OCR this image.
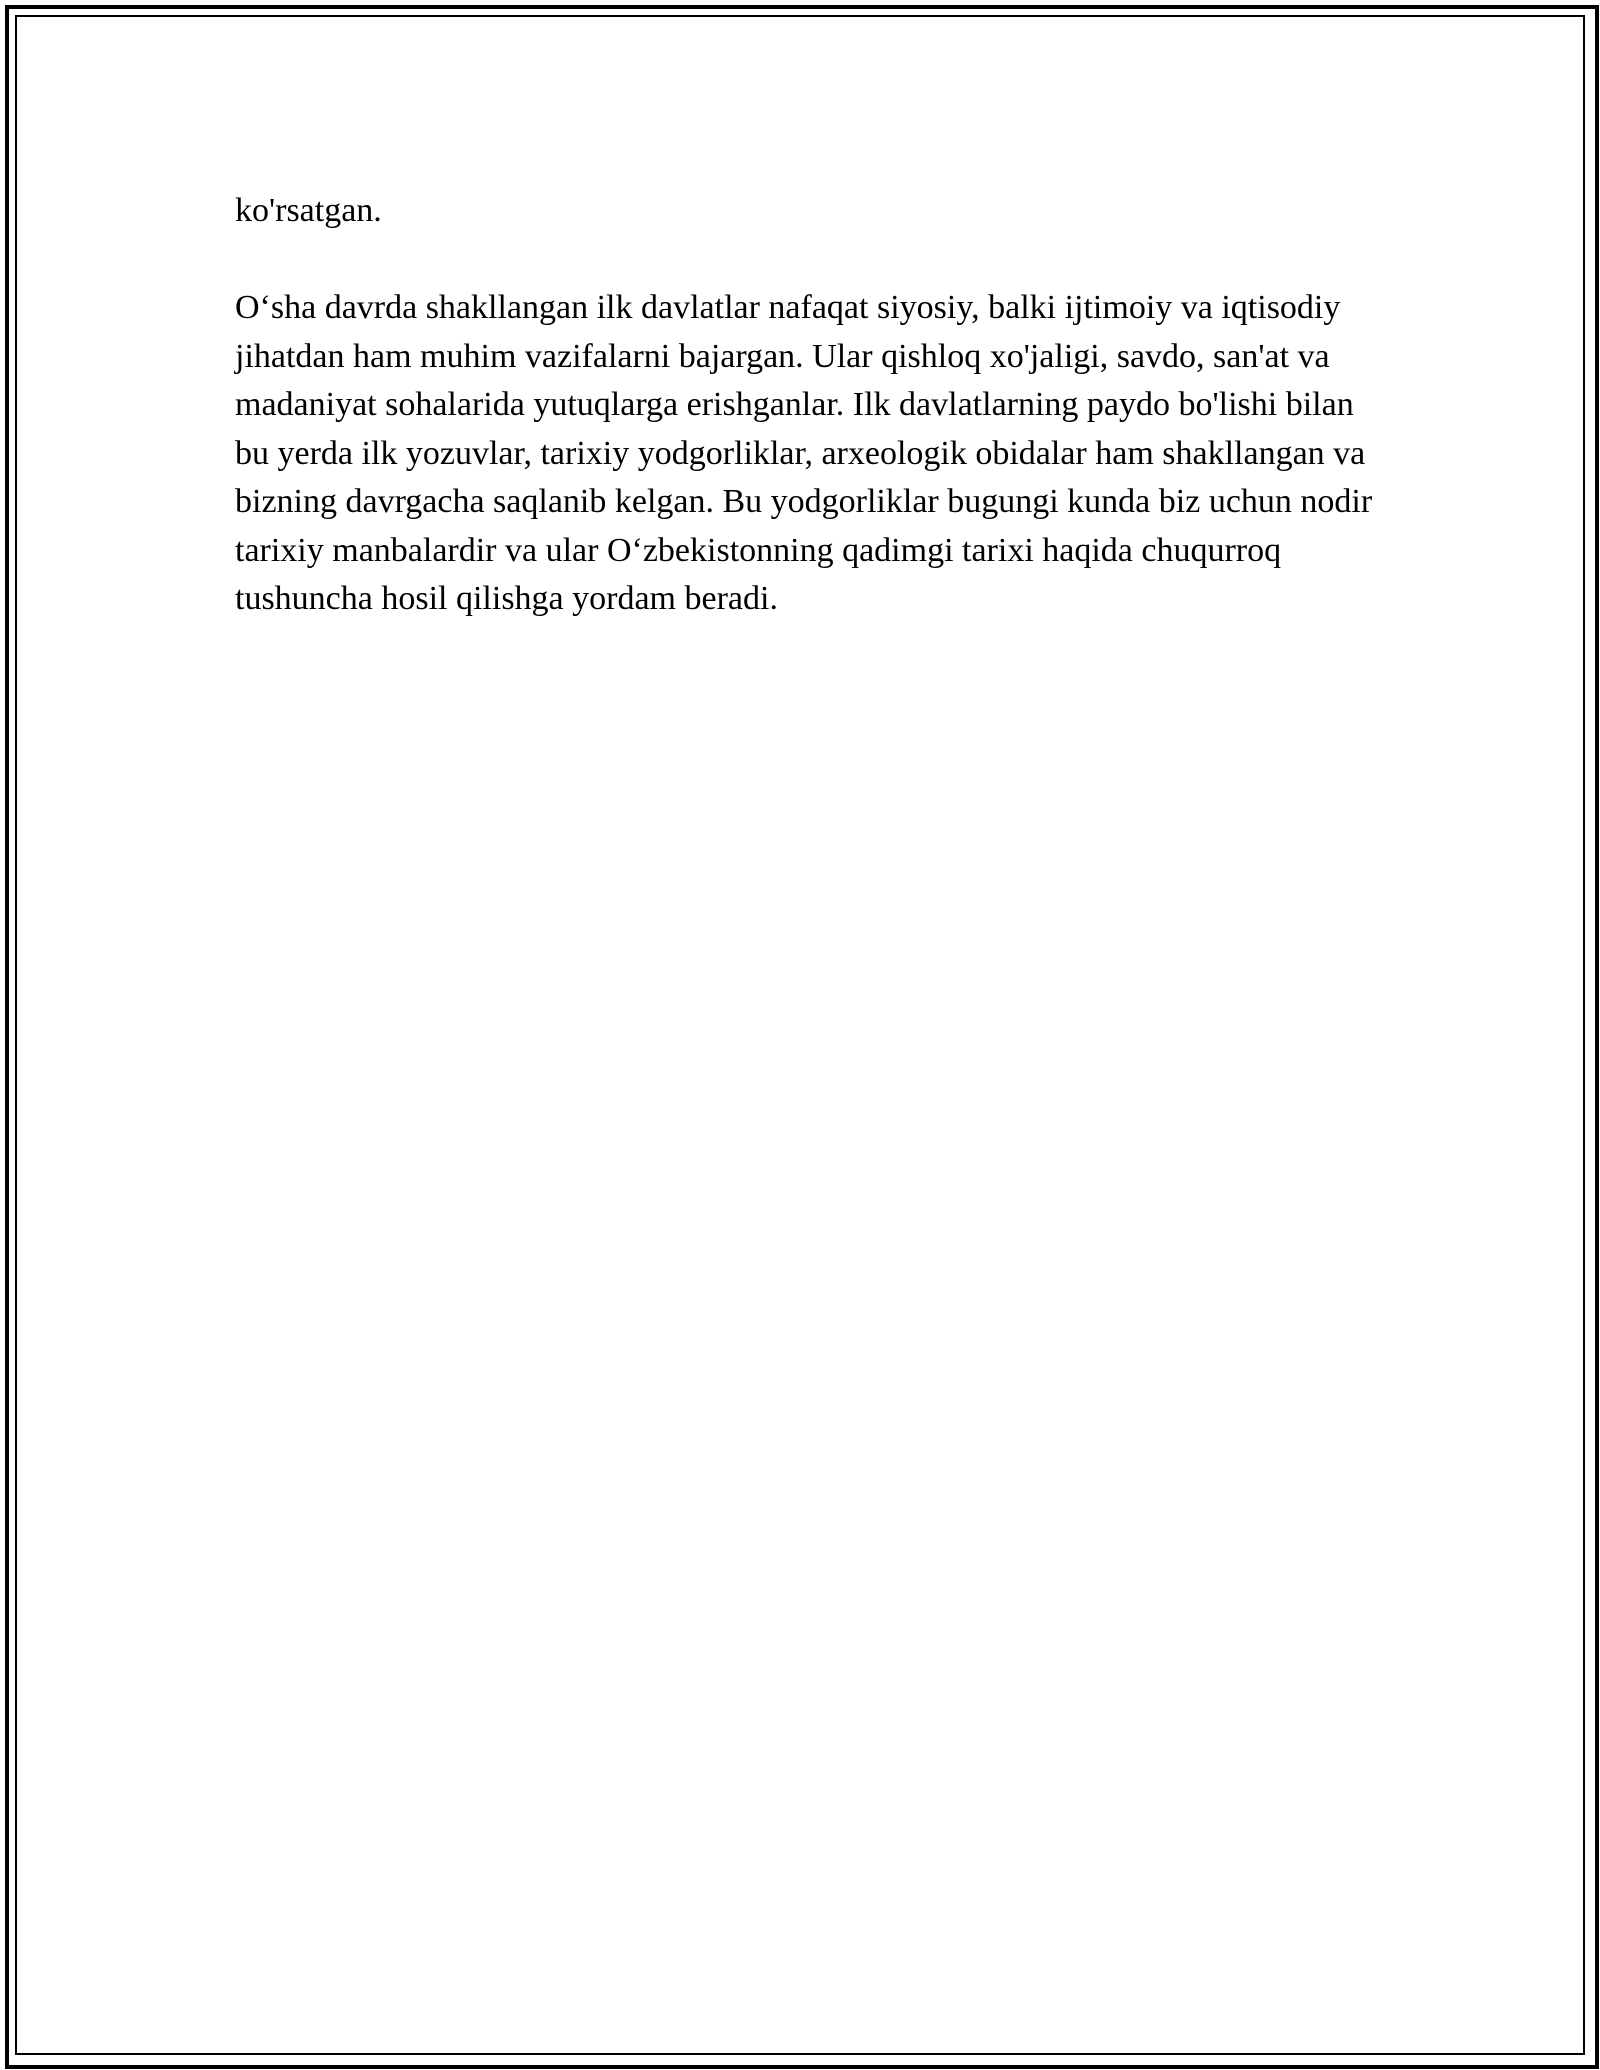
ko'rsatgan.

O‘sha davrda shakllangan ilk davlatlar nafaqat siyosiy, balki ijtimoiy va iqtisodiy jihatdan ham muhim vazifalarni bajargan. Ular qishloq xo'jaligi, savdo, san'at va madaniyat sohalarida yutuqlarga erishganlar. Ilk davlatlarning paydo bo'lishi bilan bu yerda ilk yozuvlar, tarixiy yodgorliklar, arxeologik obidalar ham shakllangan va bizning davrgacha saqlanib kelgan. Bu yodgorliklar bugungi kunda biz uchun nodir tarixiy manbalardir va ular O‘zbekistonning qadimgi tarixi haqida chuqurroq tushuncha hosil qilishga yordam beradi.
